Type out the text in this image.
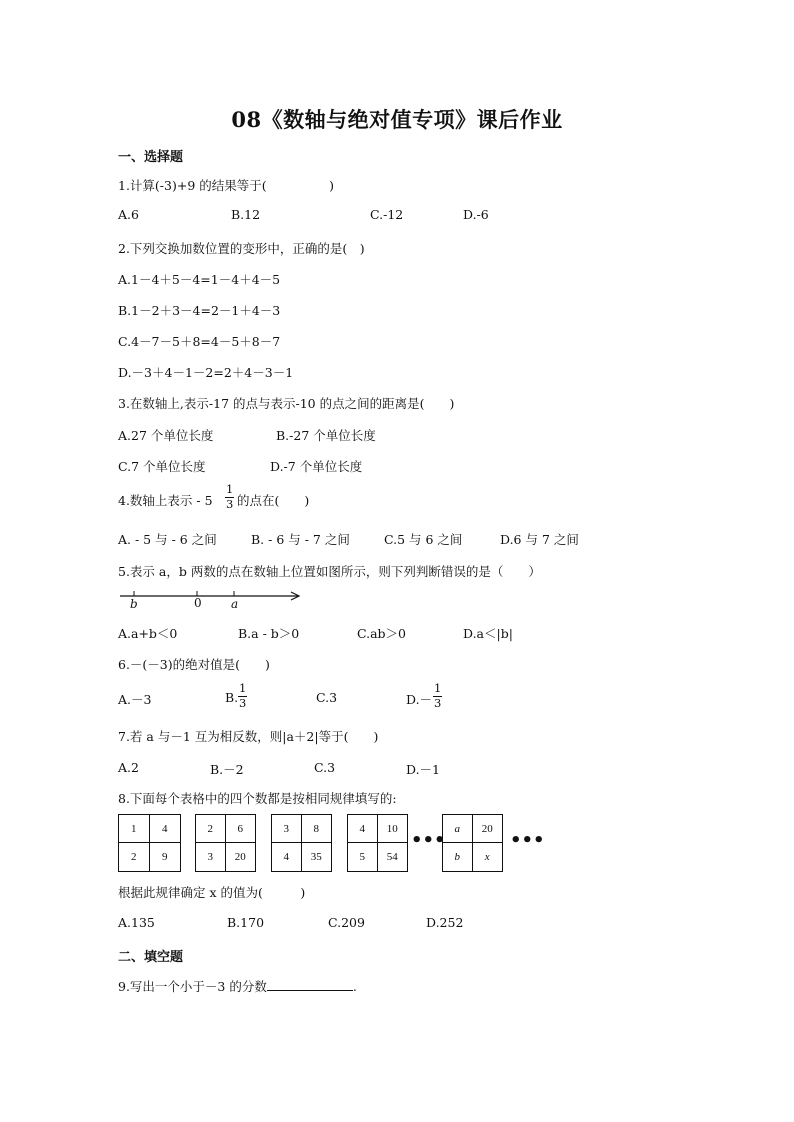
08《数轴与绝对值专项》课后作业
一、选择题
1.计算(-3)+9 的结果等于(　　　　　)
A.6	B.12	C.-12	D.-6
2.下列交换加数位置的变形中，正确的是(　)
A.1－4＋5－4=1－4＋4－5
B.1－2＋3－4=2－1＋4－3
C.4－7－5＋8=4－5＋8－7
D.－3＋4－1－2=2＋4－3－1
3.在数轴上,表示-17 的点与表示-10 的点之间的距离是(　　)
A.27 个单位长度	B.-27 个单位长度
C.7 个单位长度	D.-7 个单位长度
4.数轴上表示 - 5
1
3 的点在(　　)
A. - 5 与 - 6 之间	B. - 6 与 - 7 之间	C.5 与 6 之间	D.6 与 7 之间
5.表示 a，b 两数的点在数轴上位置如图所示，则下列判断错误的是（　　）
b	0 a
A.a+b＜0	B.a - b＞0	C.ab＞0	D.a＜|b|
6.－(－3)的绝对值是(　　)
A.－3	B.
1
3	C.3	D.－
1
3
7.若 a 与－1 互为相反数，则|a＋2|等于(　　)
A.2	B.－2	C.3	D.－1
8.下面每个表格中的四个数都是按相同规律填写的:
1	4
2	9
2	6
3	20
3	8
4	35
4	10
5	54
•••
a	20
b	x
•••
根据此规律确定 x 的值为(　　　)
A.135	B.170	C.209	D.252
二、填空题
9.写出一个小于－3 的分数	.
